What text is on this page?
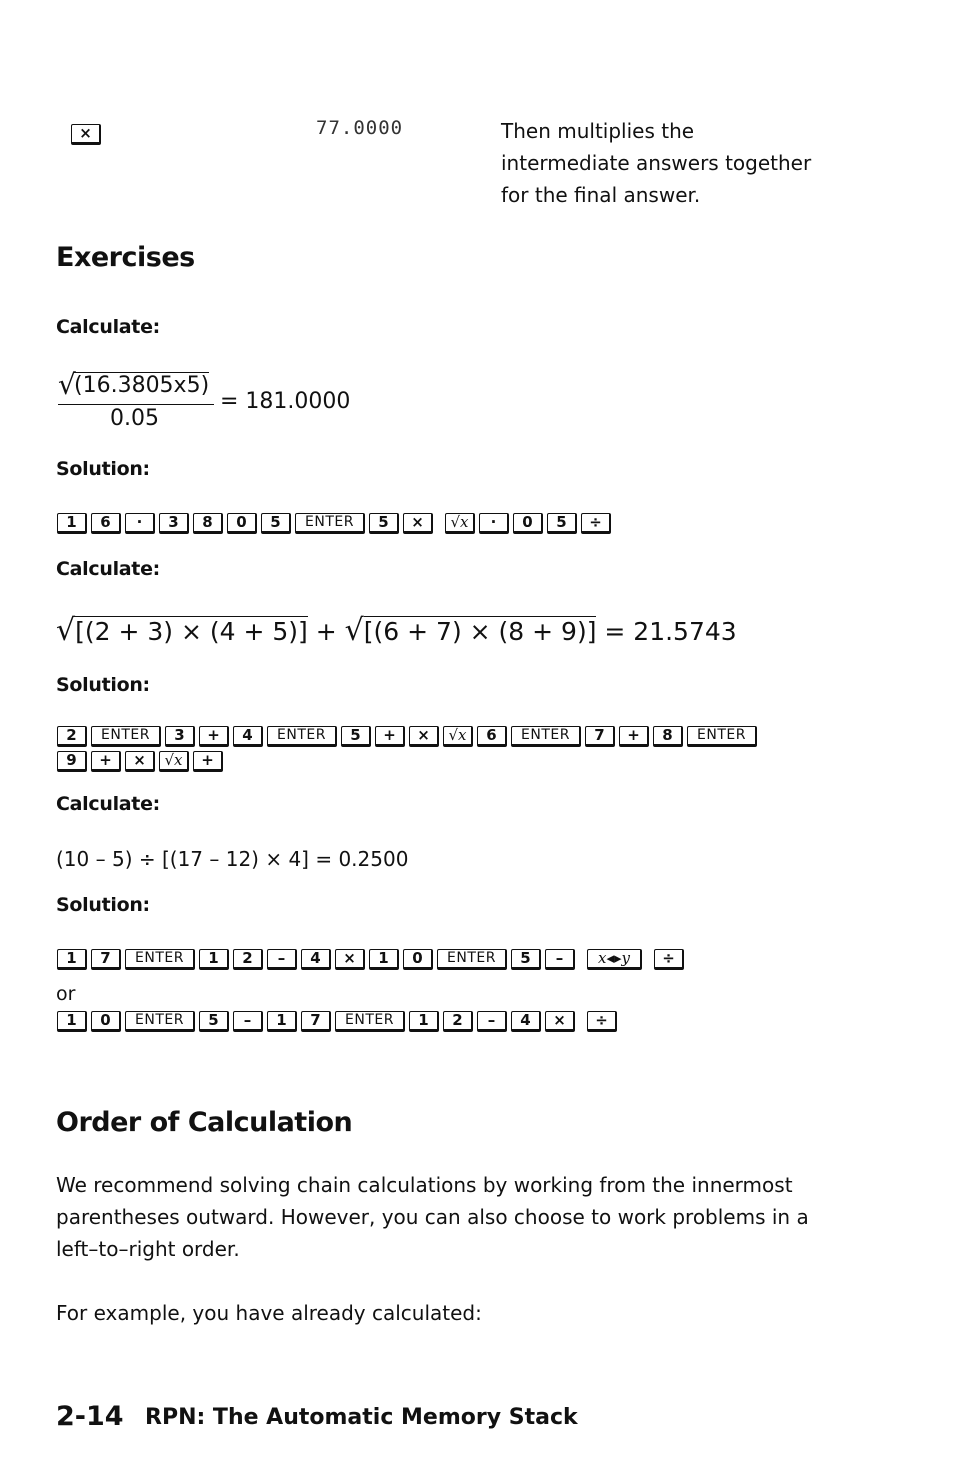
×	77.0000	Then multiplies the intermediate answers together for the final answer.
Exercises
Calculate:
√
(16.3805x5)
0.05
= 181.0000
Solution:
1 6 · 3 8 0 5 ENTER 5 × √x · 0 5 ÷
Calculate:
√[(2 + 3) × (4 + 5)] + √[(6 + 7) × (8 + 9)] = 21.5743
Solution:
2 ENTER 3 + 4 ENTER 5 + × √x 6 ENTER 7 + 8 ENTER
9 + × √x +
Calculate:
(10 – 5) ÷ [(17 – 12) × 4] = 0.2500
Solution:
1 7 ENTER 1 2 – 4 × 1 0 ENTER 5 – x◂▸y ÷
or
1 0 ENTER 5 – 1 7 ENTER 1 2 – 4 × ÷
Order of Calculation
We recommend solving chain calculations by working from the innermost parentheses outward. However, you can also choose to work problems in a left–to–right order.
For example, you have already calculated:
2-14 RPN: The Automatic Memory Stack
